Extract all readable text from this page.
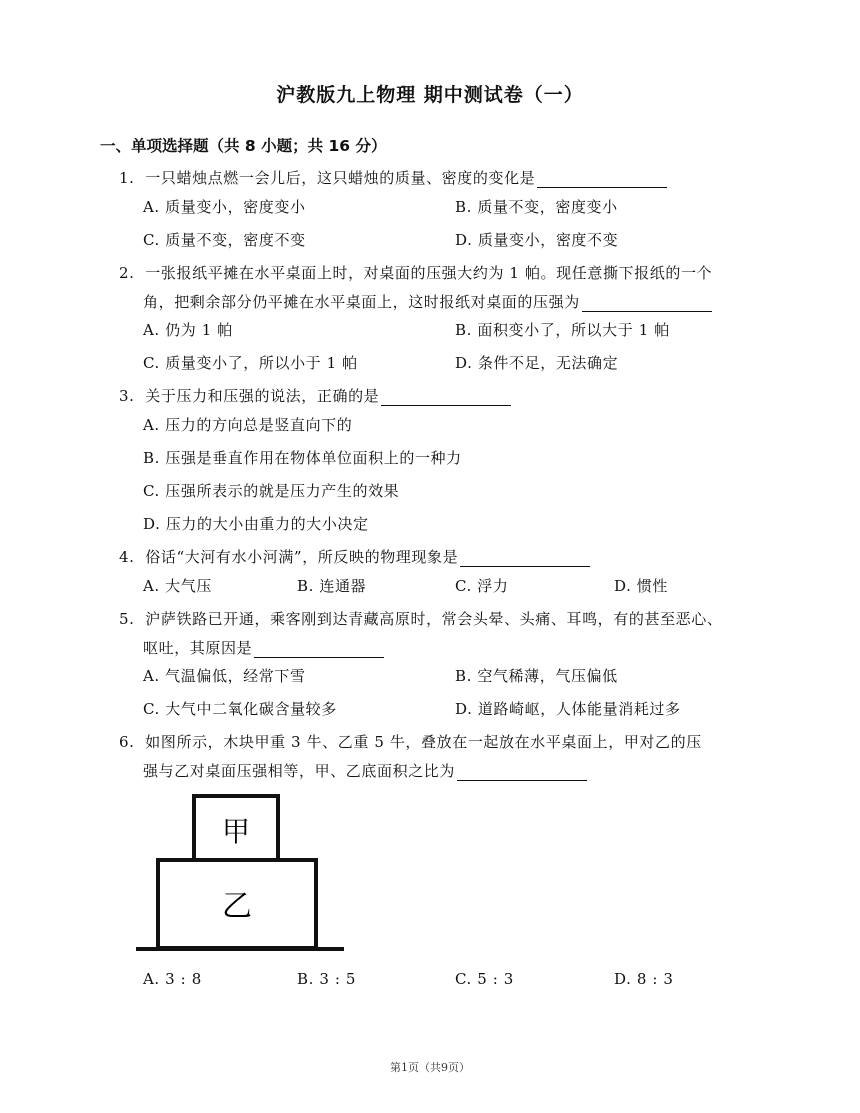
沪教版九上物理 期中测试卷（一）
一、单项选择题（共 8 小题；共 16 分）
1. 一只蜡烛点燃一会儿后，这只蜡烛的质量、密度的变化是
A. 质量变小，密度变小	B. 质量不变，密度变小
C. 质量不变，密度不变	D. 质量变小，密度不变
2. 一张报纸平摊在水平桌面上时，对桌面的压强大约为 1 帕。现任意撕下报纸的一个
角，把剩余部分仍平摊在水平桌面上，这时报纸对桌面的压强为
A. 仍为 1 帕	B. 面积变小了，所以大于 1 帕
C. 质量变小了，所以小于 1 帕	D. 条件不足，无法确定
3. 关于压力和压强的说法，正确的是
A. 压力的方向总是竖直向下的
B. 压强是垂直作用在物体单位面积上的一种力
C. 压强所表示的就是压力产生的效果
D. 压力的大小由重力的大小决定
4. 俗话“大河有水小河满”，所反映的物理现象是
A. 大气压	B. 连通器	C. 浮力	D. 惯性
5. 沪萨铁路已开通，乘客刚到达青藏高原时，常会头晕、头痛、耳鸣，有的甚至恶心、
呕吐，其原因是
A. 气温偏低，经常下雪	B. 空气稀薄，气压偏低
C. 大气中二氧化碳含量较多	D. 道路崎岖，人体能量消耗过多
6. 如图所示，木块甲重 3 牛、乙重 5 牛，叠放在一起放在水平桌面上，甲对乙的压
强与乙对桌面压强相等，甲、乙底面积之比为
甲
乙
A. 3 : 8	B. 3 : 5	C. 5 : 3	D. 8 : 3
第1页（共9页）
